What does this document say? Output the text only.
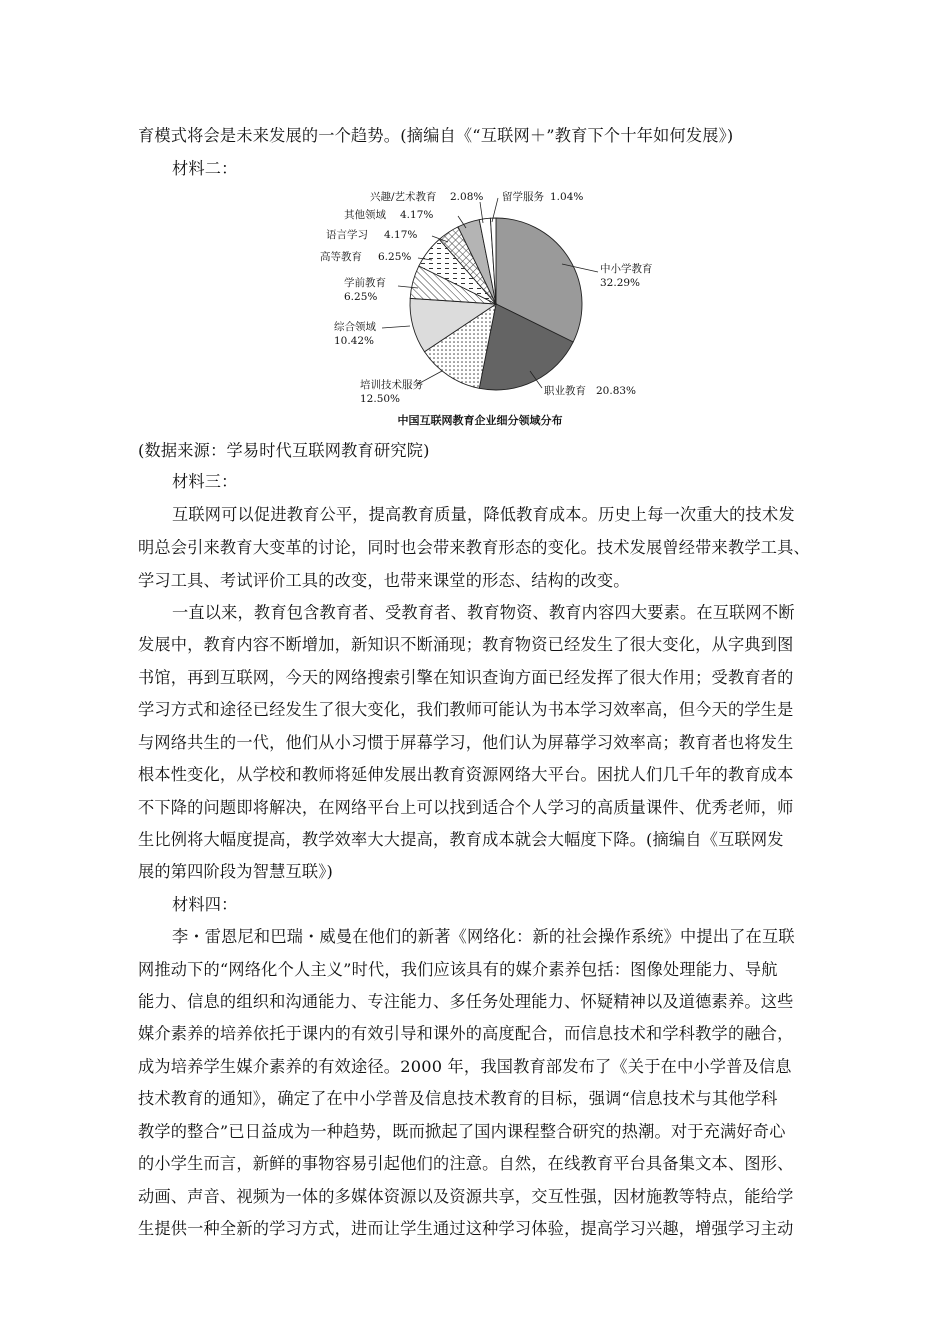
育模式将会是未来发展的一个趋势。(摘编自《“互联网＋”教育下个十年如何发展》)
材料二：
中小学教育
32.29%
职业教育 20.83%
培训技术服务
12.50%
综合领域
10.42%
学前教育
6.25%
高等教育 6.25%
语言学习 4.17%
其他领域 4.17%
兴趣/艺术教育 2.08% 留学服务 1.04%
中国互联网教育企业细分领域分布
(数据来源：学易时代互联网教育研究院)
材料三：
互联网可以促进教育公平，提高教育质量，降低教育成本。历史上每一次重大的技术发
明总会引来教育大变革的讨论，同时也会带来教育形态的变化。技术发展曾经带来教学工具、
学习工具、考试评价工具的改变，也带来课堂的形态、结构的改变。
一直以来，教育包含教育者、受教育者、教育物资、教育内容四大要素。在互联网不断
发展中，教育内容不断增加，新知识不断涌现；教育物资已经发生了很大变化，从字典到图
书馆，再到互联网，今天的网络搜索引擎在知识查询方面已经发挥了很大作用；受教育者的
学习方式和途径已经发生了很大变化，我们教师可能认为书本学习效率高，但今天的学生是
与网络共生的一代，他们从小习惯于屏幕学习，他们认为屏幕学习效率高；教育者也将发生
根本性变化，从学校和教师将延伸发展出教育资源网络大平台。困扰人们几千年的教育成本
不下降的问题即将解决，在网络平台上可以找到适合个人学习的高质量课件、优秀老师，师
生比例将大幅度提高，教学效率大大提高，教育成本就会大幅度下降。(摘编自《互联网发
展的第四阶段为智慧互联》)
材料四：
李・雷恩尼和巴瑞・威曼在他们的新著《网络化：新的社会操作系统》中提出了在互联
网推动下的“网络化个人主义”时代，我们应该具有的媒介素养包括：图像处理能力、导航
能力、信息的组织和沟通能力、专注能力、多任务处理能力、怀疑精神以及道德素养。这些
媒介素养的培养依托于课内的有效引导和课外的高度配合，而信息技术和学科教学的融合，
成为培养学生媒介素养的有效途径。2000 年，我国教育部发布了《关于在中小学普及信息
技术教育的通知》，确定了在中小学普及信息技术教育的目标，强调“信息技术与其他学科
教学的整合”已日益成为一种趋势，既而掀起了国内课程整合研究的热潮。对于充满好奇心
的小学生而言，新鲜的事物容易引起他们的注意。自然，在线教育平台具备集文本、图形、
动画、声音、视频为一体的多媒体资源以及资源共享，交互性强，因材施教等特点，能给学
生提供一种全新的学习方式，进而让学生通过这种学习体验，提高学习兴趣，增强学习主动
